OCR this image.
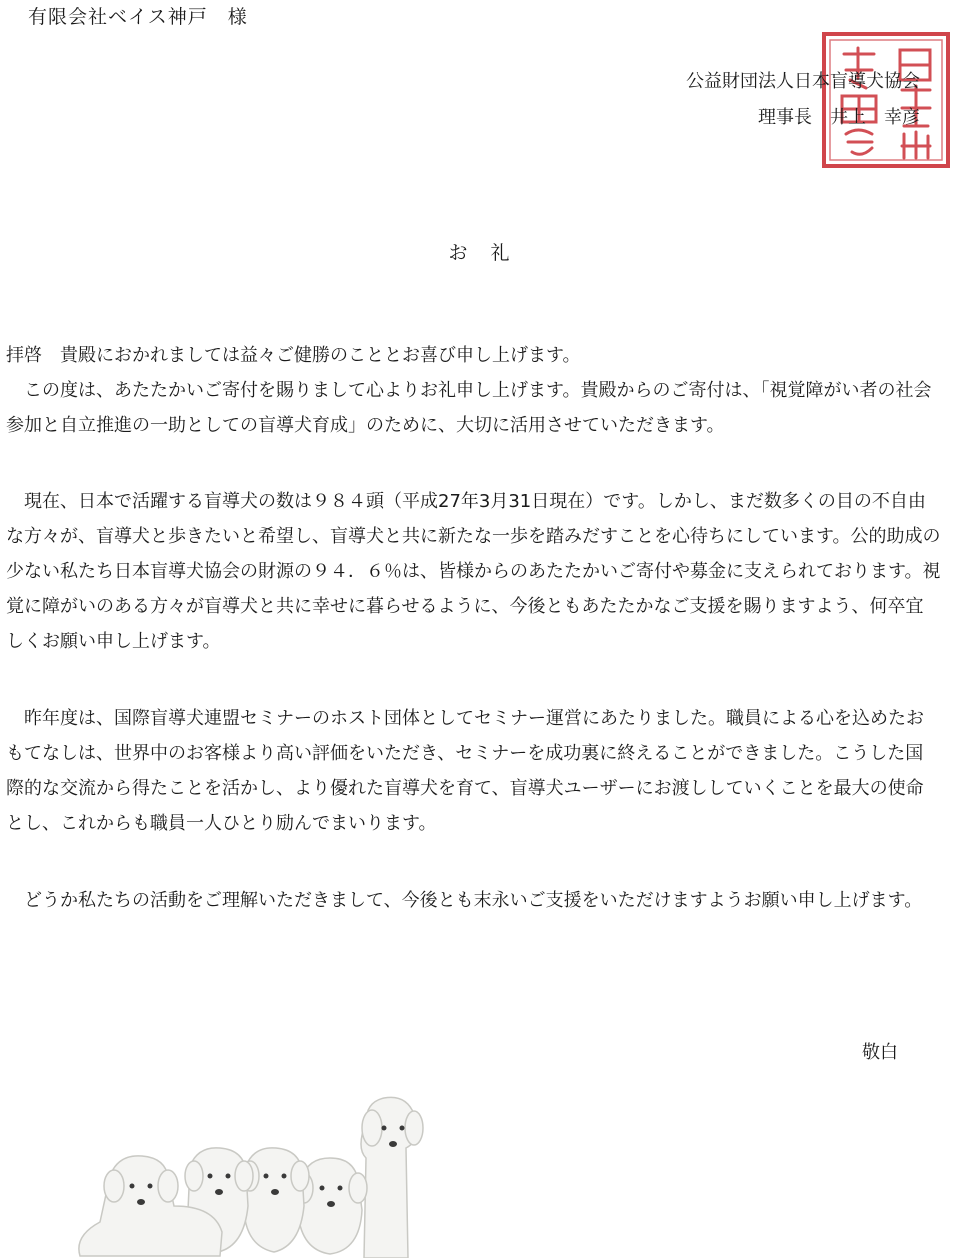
有限会社ベイス神戸　様
公益財団法人日本盲導犬協会
理事長　井上　幸彦
お　礼

拝啓　貴殿におかれましては益々ご健勝のこととお喜び申し上げます。

この度は、あたたかいご寄付を賜りまして心よりお礼申し上げます。貴殿からのご寄付は、「視覚障がい者の社会参加と自立推進の一助としての盲導犬育成」のために、大切に活用させていただきます。

現在、日本で活躍する盲導犬の数は９８４頭（平成27年3月31日現在）です。しかし、まだ数多くの目の不自由な方々が、盲導犬と歩きたいと希望し、盲導犬と共に新たな一歩を踏みだすことを心待ちにしています。公的助成の少ない私たち日本盲導犬協会の財源の９４．６％は、皆様からのあたたかいご寄付や募金に支えられております。視覚に障がいのある方々が盲導犬と共に幸せに暮らせるように、今後ともあたたかなご支援を賜りますよう、何卒宜しくお願い申し上げます。

昨年度は、国際盲導犬連盟セミナーのホスト団体としてセミナー運営にあたりました。職員による心を込めたおもてなしは、世界中のお客様より高い評価をいただき、セミナーを成功裏に終えることができました。こうした国際的な交流から得たことを活かし、より優れた盲導犬を育て、盲導犬ユーザーにお渡ししていくことを最大の使命とし、これからも職員一人ひとり励んでまいります。

どうか私たちの活動をご理解いただきまして、今後とも末永いご支援をいただけますようお願い申し上げます。

敬白
